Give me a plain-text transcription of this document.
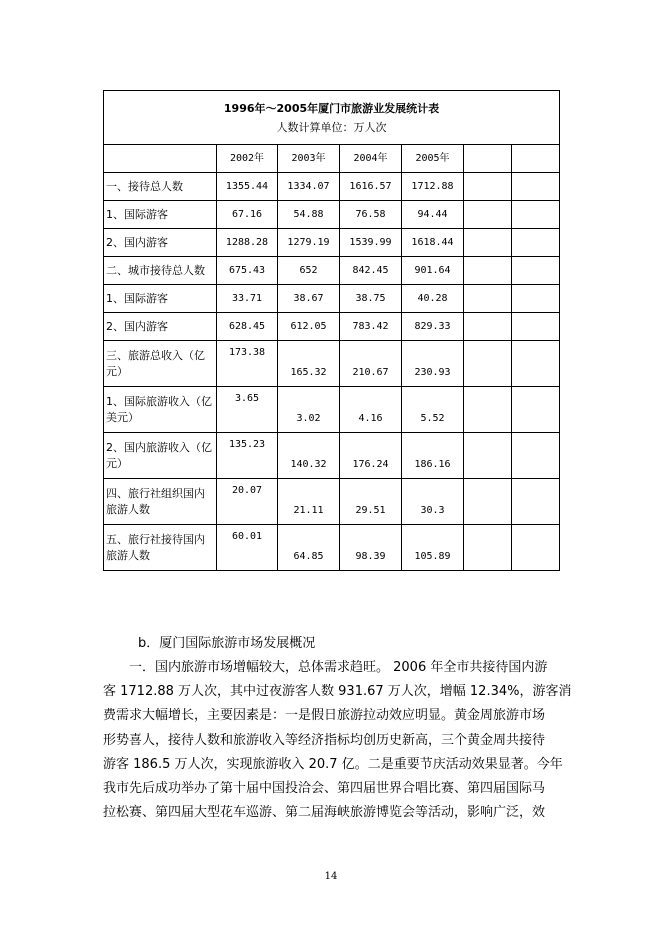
1996年～2005年厦门市旅游业发展统计表
人数计算单位：万人次						

	2002年	2003年	2004年	2005年		
一、接待总人数	1355.44	1334.07	1616.57	1712.88		
1、国际游客	67.16	54.88	76.58	94.44		
2、国内游客	1288.28	1279.19	1539.99	1618.44		
二、城市接待总人数	675.43	652	842.45	901.64		
1、国际游客	33.71	38.67	38.75	40.28		
2、国内游客	628.45	612.05	783.42	829.33		
三、旅游总收入（亿元）	173.38	165.32	210.67	230.93		
1、国际旅游收入（亿美元）	3.65	3.02	4.16	5.52		
2、国内旅游收入（亿元）	135.23	140.32	176.24	186.16		
四、旅行社组织国内旅游人数	20.07	21.11	29.51	30.3		
五、旅行社接待国内旅游人数	60.01	64.85	98.39	105.89		
b．厦门国际旅游市场发展概况

一．国内旅游市场增幅较大，总体需求趋旺。 2006 年全市共接待国内游
客 1712.88 万人次，其中过夜游客人数 931.67 万人次，增幅 12.34%，游客消
费需求大幅增长，主要因素是：一是假日旅游拉动效应明显。黄金周旅游市场
形势喜人，接待人数和旅游收入等经济指标均创历史新高，三个黄金周共接待
游客 186.5 万人次，实现旅游收入 20.7 亿。二是重要节庆活动效果显著。今年
我市先后成功举办了第十届中国投洽会、第四届世界合唱比赛、第四届国际马
拉松赛、第四届大型花车巡游、第二届海峡旅游博览会等活动，影响广泛，效

14
